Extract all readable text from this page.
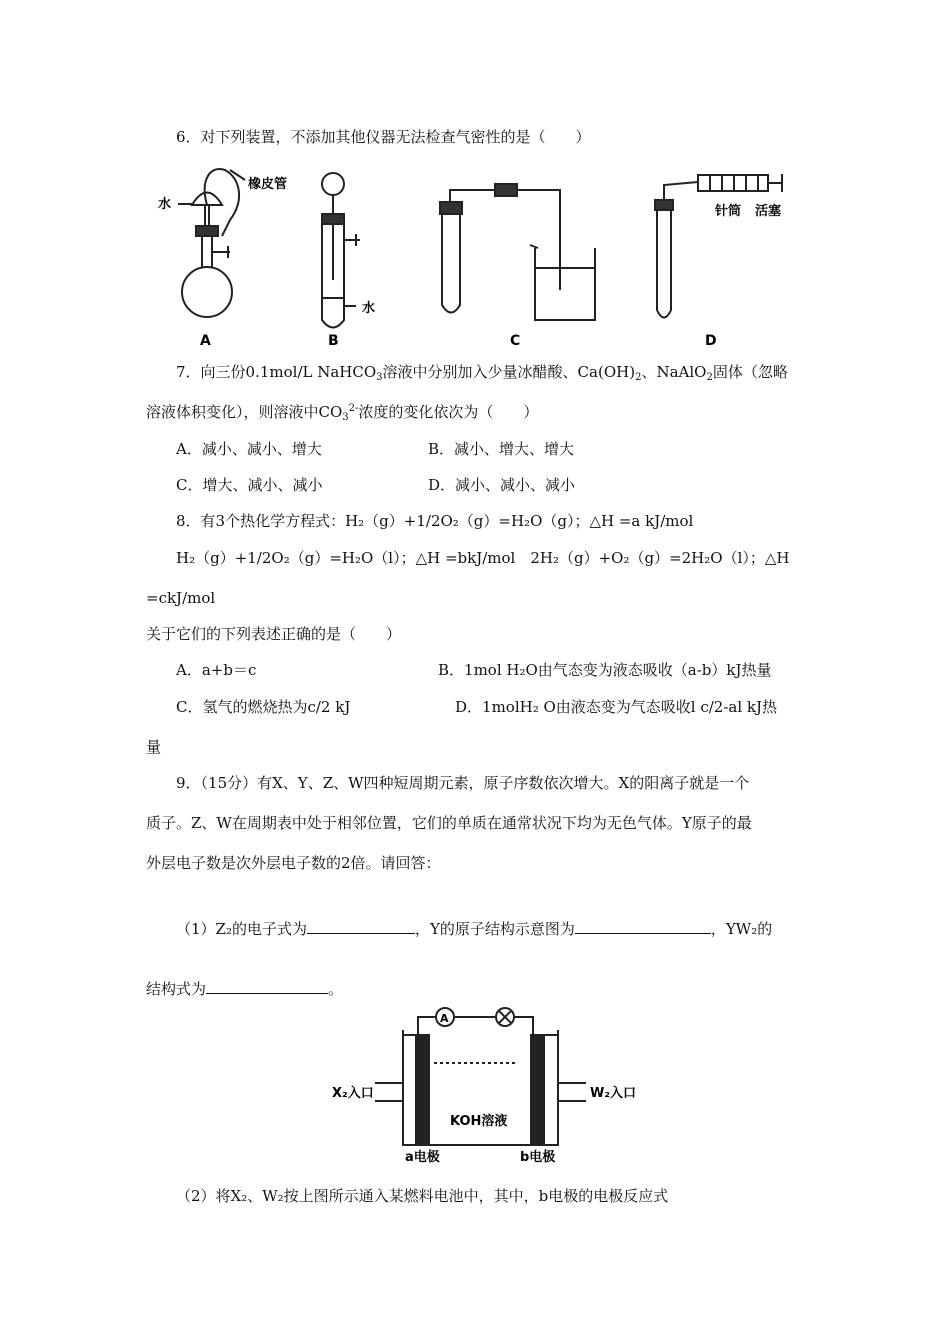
6．对下列装置，不添加其他仪器无法检查气密性的是（　　）
水
橡皮管
水
针筒 活塞
A	B	C	D
7．向三份0.1mol/L NaHCO$_3$溶液中分别加入少量冰醋酸、$Ca(OH)_2$、NaAlO$_2$固体（忽略
溶液体积变化），则溶液中$CO_3^{2-}$浓度的变化依次为（　　）
A．减小、减小、增大	B．减小、增大、增大
C．增大、减小、减小	D．减小、减小、减小
8．有3个热化学方程式：H₂（g）+1/2O₂（g）=H₂O（g）；△H =a kJ/mol
H₂（g）+1/2O₂（g）=H₂O（l）；△H =bkJ/mol　2H₂（g）+O₂（g）=2H₂O（l）；△H
=ckJ/mol
关于它们的下列表述正确的是（　　）
A．a+b＝c	B．1mol H₂O由气态变为液态吸收（a-b）kJ热量
C．氢气的燃烧热为c/2 kJ	D．1molH₂ O由液态变为气态吸收l c/2-al kJ热
量
9．（15分）有X、Y、Z、W四种短周期元素，原子序数依次增大。X的阳离子就是一个
质子。Z、W在周期表中处于相邻位置，它们的单质在通常状况下均为无色气体。Y原子的最
外层电子数是次外层电子数的2倍。请回答：
（1）Z₂的电子式为	，Y的原子结构示意图为	，YW₂的
结构式为	。
A
X₂入口	W₂入口
KOH溶液
a电极	b电极
（2）将X₂、W₂按上图所示通入某燃料电池中，其中，b电极的电极反应式
